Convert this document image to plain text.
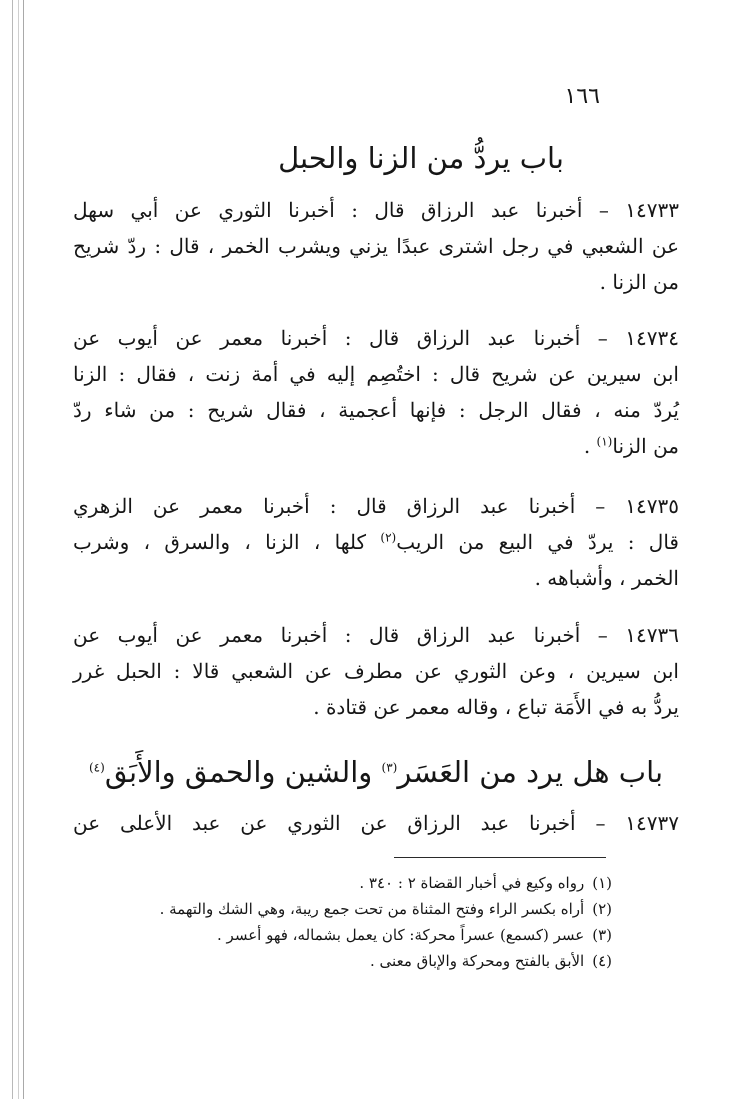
١٦٦
باب يردُّ من الزنا والحبل
١٤٧٣٣ – أخبرنا عبد الرزاق قال : أخبرنا الثوري عن أبي سهل
عن الشعبي في رجل اشترى عبدًا يزني ويشرب الخمر ، قال : ردّ شريح
من الزنا .
١٤٧٣٤ – أخبرنا عبد الرزاق قال : أخبرنا معمر عن أيوب عن
ابن سيرين عن شريح قال : اختُصِم إليه في أمة زنت ، فقال : الزنا
يُردّ منه ، فقال الرجل : فإنها أعجمية ، فقال شريح : من شاء ردّ
من الزنا$^{(١)}$ .
١٤٧٣٥ – أخبرنا عبد الرزاق قال : أخبرنا معمر عن الزهري
قال : يردّ في البيع من الريب$^{(٢)}$ كلها ، الزنا ، والسرق ، وشرب
الخمر ، وأشباهه .
١٤٧٣٦ – أخبرنا عبد الرزاق قال : أخبرنا معمر عن أيوب عن
ابن سيرين ، وعن الثوري عن مطرف عن الشعبي قالا : الحبل غرر
يردُّ به في الأَمَة تباع ، وقاله معمر عن قتادة .
باب هل يرد من العَسَر$^{(٣)}$ والشين والحمق والأَبَق$^{(٤)}$
١٤٧٣٧ – أخبرنا عبد الرزاق عن الثوري عن عبد الأعلى عن
(١)رواه وكيع في أخبار القضاة ٢ : ٣٤٠ .
(٢)أراه بكسر الراء وفتح المثناة من تحت جمع ريبة، وهي الشك والتهمة .
(٣)عسر (كسمع) عسراً محركة: كان يعمل بشماله، فهو أعسر .
(٤)الأبق بالفتح ومحركة والإباق معنى .
